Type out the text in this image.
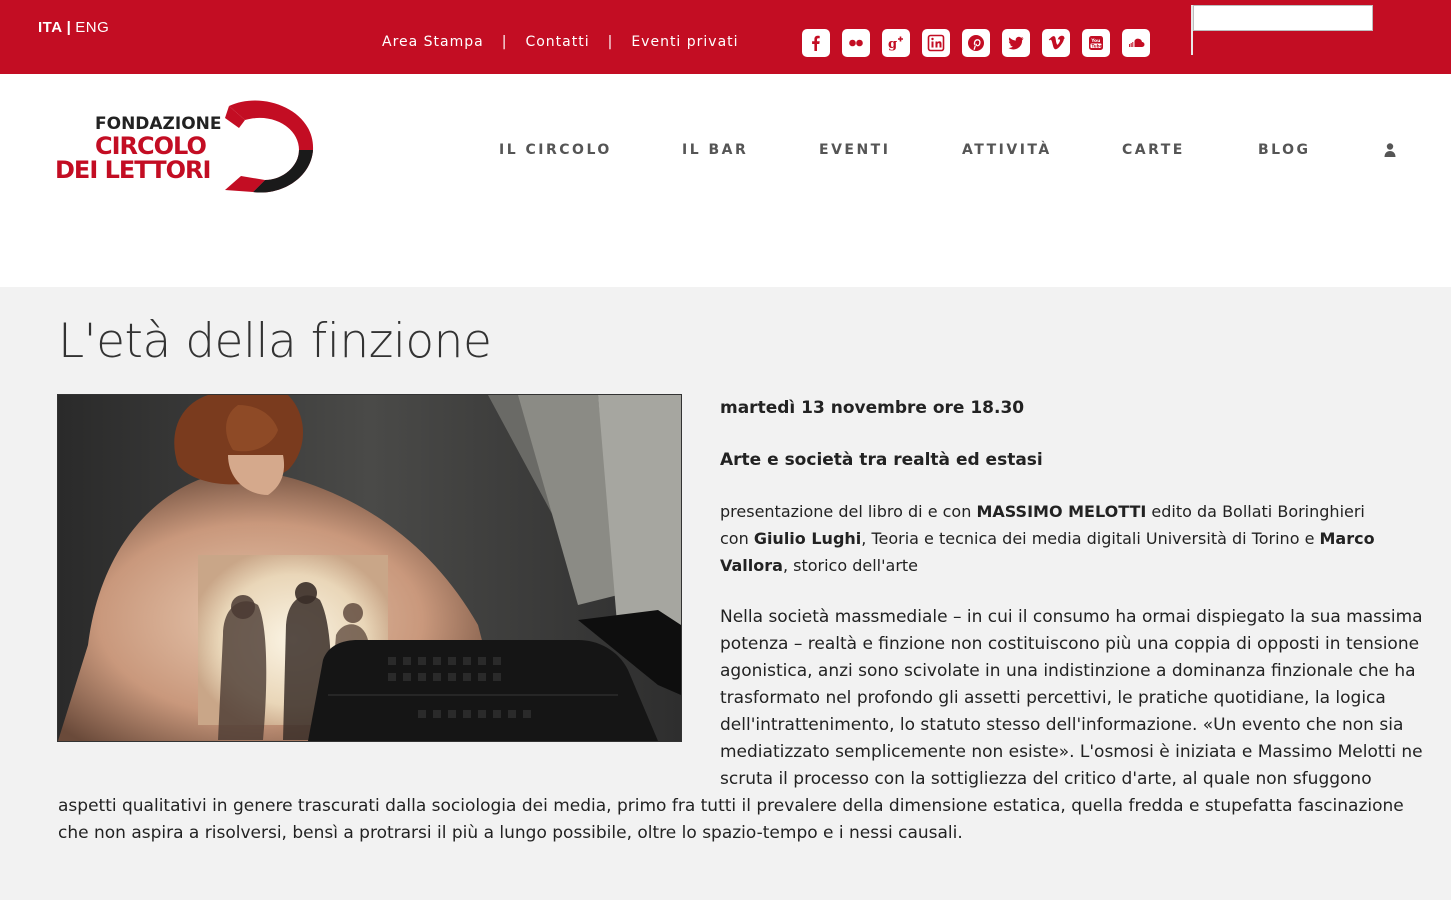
ITA | ENG
Area Stampa | Contatti | Eventi privati	g	You
Tube
FONDAZIONE
CIRCOLO
DEI LETTORI
IL CIRCOLO	IL BAR	EVENTI	ATTIVITÀ	CARTE	BLOG
L'età della finzione
martedì 13 novembre ore 18.30
Arte e società tra realtà ed estasi
presentazione del libro di e con MASSIMO MELOTTI edito da Bollati Boringhieri
con Giulio Lughi, Teoria e tecnica dei media digitali Università di Torino e Marco
Vallora, storico dell'arte
Nella società massmediale – in cui il consumo ha ormai dispiegato la sua massima
potenza – realtà e finzione non costituiscono più una coppia di opposti in tensione
agonistica, anzi sono scivolate in una indistinzione a dominanza finzionale che ha
trasformato nel profondo gli assetti percettivi, le pratiche quotidiane, la logica
dell'intrattenimento, lo statuto stesso dell'informazione. «Un evento che non sia
mediatizzato semplicemente non esiste». L'osmosi è iniziata e Massimo Melotti ne
scruta il processo con la sottigliezza del critico d'arte, al quale non sfuggono
aspetti qualitativi in genere trascurati dalla sociologia dei media, primo fra tutti il prevalere della dimensione estatica, quella fredda e stupefatta fascinazione
che non aspira a risolversi, bensì a protrarsi il più a lungo possibile, oltre lo spazio-tempo e i nessi causali.
